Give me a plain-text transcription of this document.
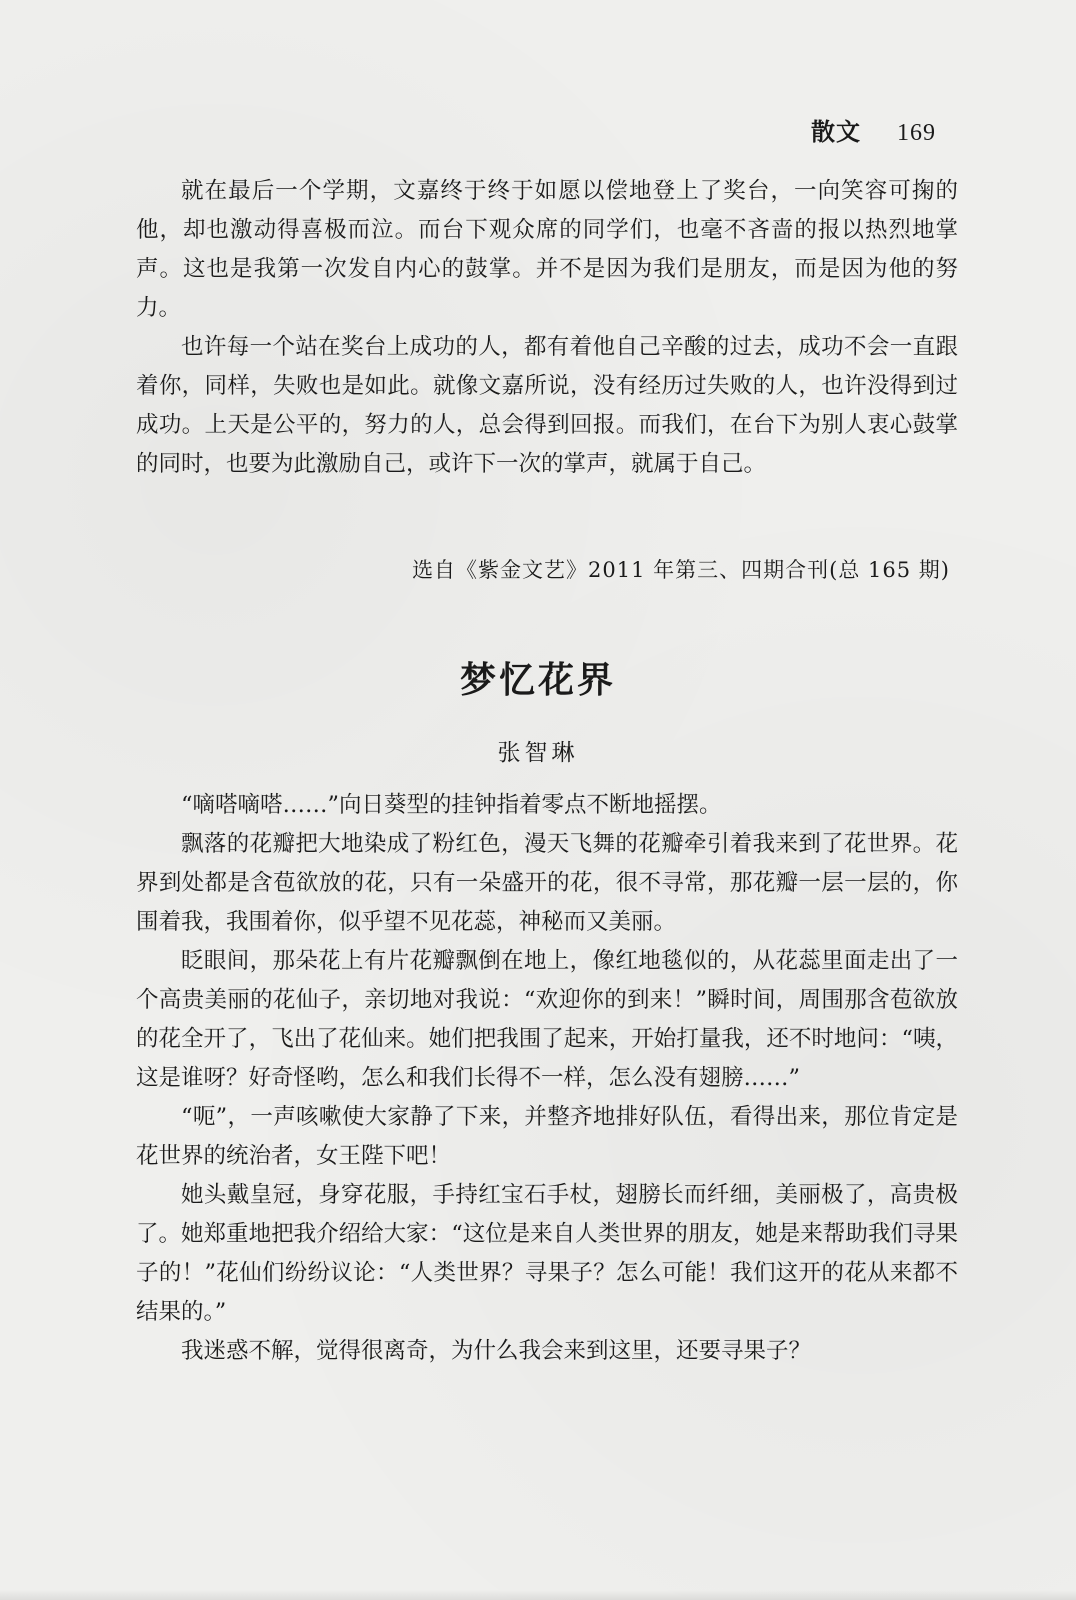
散文 169

就在最后一个学期，文嘉终于终于如愿以偿地登上了奖台，一向笑容可掬的他，却也激动得喜极而泣。而台下观众席的同学们，也毫不吝啬的报以热烈地掌声。这也是我第一次发自内心的鼓掌。并不是因为我们是朋友，而是因为他的努力。

也许每一个站在奖台上成功的人，都有着他自己辛酸的过去，成功不会一直跟着你，同样，失败也是如此。就像文嘉所说，没有经历过失败的人，也许没得到过成功。上天是公平的，努力的人，总会得到回报。而我们，在台下为别人衷心鼓掌的同时，也要为此激励自己，或许下一次的掌声，就属于自己。

选自《紫金文艺》2011 年第三、四期合刊(总 165 期)
梦忆花界
张智琳

“嘀嗒嘀嗒……”向日葵型的挂钟指着零点不断地摇摆。

飘落的花瓣把大地染成了粉红色，漫天飞舞的花瓣牵引着我来到了花世界。花界到处都是含苞欲放的花，只有一朵盛开的花，很不寻常，那花瓣一层一层的，你围着我，我围着你，似乎望不见花蕊，神秘而又美丽。

眨眼间，那朵花上有片花瓣飘倒在地上，像红地毯似的，从花蕊里面走出了一个高贵美丽的花仙子，亲切地对我说：“欢迎你的到来！”瞬时间，周围那含苞欲放的花全开了，飞出了花仙来。她们把我围了起来，开始打量我，还不时地问：“咦，这是谁呀？好奇怪哟，怎么和我们长得不一样，怎么没有翅膀……”

“呃”，一声咳嗽使大家静了下来，并整齐地排好队伍，看得出来，那位肯定是花世界的统治者，女王陛下吧！

她头戴皇冠，身穿花服，手持红宝石手杖，翅膀长而纤细，美丽极了，高贵极了。她郑重地把我介绍给大家：“这位是来自人类世界的朋友，她是来帮助我们寻果子的！”花仙们纷纷议论：“人类世界？寻果子？怎么可能！我们这开的花从来都不结果的。”

我迷惑不解，觉得很离奇，为什么我会来到这里，还要寻果子？
